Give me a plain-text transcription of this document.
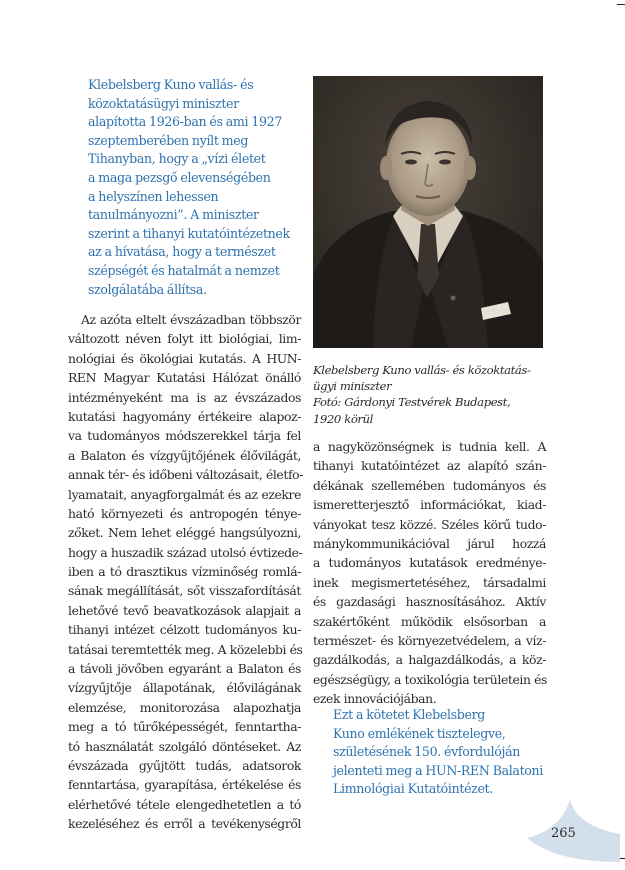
Klebelsberg Kuno vallás- és
közoktatásügyi miniszter
alapította 1926-ban és ami 1927
szeptemberében nyílt meg
Tihanyban, hogy a „vízi életet
a maga pezsgő elevenségében
a helyszínen lehessen
tanulmányozni”. A miniszter
szerint a tihanyi kutatóintézetnek
az a hívatása, hogy a természet
szépségét és hatalmát a nemzet
szolgálatába állítsa.
Klebelsberg Kuno vallás- és közoktatás-
ügyi miniszter
Fotó: Gárdonyi Testvérek Budapest,
1920 körül
Az azóta eltelt évszázadban többször
változott néven folyt itt biológiai, lim-
nológiai és ökológiai kutatás. A HUN-
REN Magyar Kutatási Hálózat önálló
intézményeként ma is az évszázados
kutatási hagyomány értékeire alapoz-
va tudományos módszerekkel tárja fel
a Balaton és vízgyűjtőjének élővilágát,
annak tér- és időbeni változásait, életfo-
lyamatait, anyagforgalmát és az ezekre
ható környezeti és antropogén ténye-
zőket. Nem lehet eléggé hangsúlyozni,
hogy a huszadik század utolsó évtizede-
iben a tó drasztikus vízminőség romlá-
sának megállítását, sőt visszafordítását
lehetővé tevő beavatkozások alapjait a
tihanyi intézet célzott tudományos ku-
tatásai teremtették meg. A közelebbi és
a távoli jövőben egyaránt a Balaton és
vízgyűjtője állapotának, élővilágának
elemzése, monitorozása alapozhatja
meg a tó tűrőképességét, fenntartha-
tó használatát szolgáló döntéseket. Az
évszázada gyűjtött tudás, adatsorok
fenntartása, gyarapítása, értékelése és
elérhetővé tétele elengedhetetlen a tó
kezeléséhez és erről a tevékenységről
a nagyközönségnek is tudnia kell. A
tihanyi kutatóintézet az alapító szán-
dékának szellemében tudományos és
ismeretterjesztő információkat, kiad-
ványokat tesz közzé. Széles körű tudo-
mánykommunikációval járul hozzá
a tudományos kutatások eredménye-
inek megismertetéséhez, társadalmi
és gazdasági hasznosításához. Aktív
szakértőként működik elsősorban a
természet- és környezetvédelem, a víz-
gazdálkodás, a halgazdálkodás, a köz-
egészségügy, a toxikológia területein és
ezek innovációjában.
Ezt a kötetet Klebelsberg
Kuno emlékének tisztelegve,
születésének 150. évfordulóján
jelenteti meg a HUN-REN Balatoni
Limnológiai Kutatóintézet.
265
